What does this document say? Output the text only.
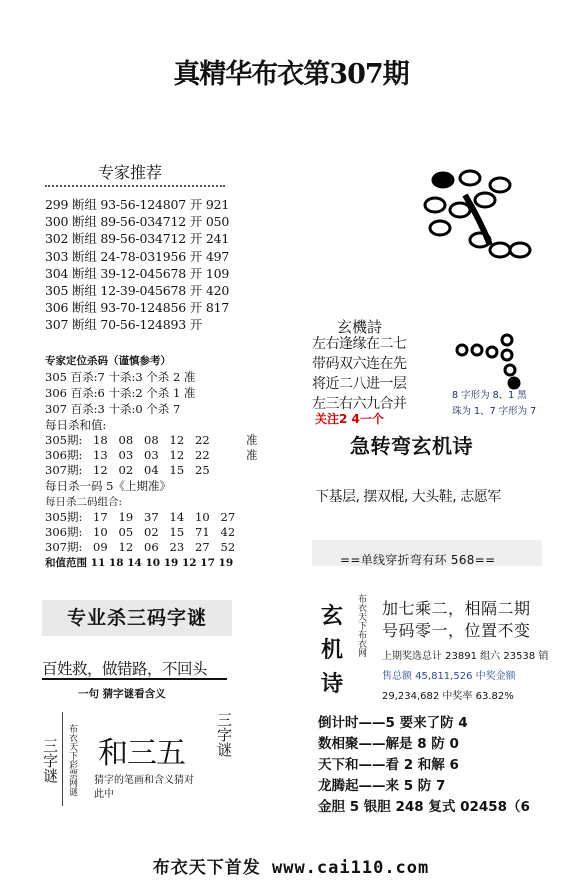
真精华布衣第307期
专家推荐
299 断组 93-56-124807 开 921
300 断组 89-56-034712 开 050
302 断组 89-56-034712 开 241
303 断组 24-78-031956 开 497
304 断组 39-12-045678 开 109
305 断组 12-39-045678 开 420
306 断组 93-70-124856 开 817
307 断组 70-56-124893 开
专家定位杀码（谨慎参考）
305 百杀:7 十杀:3 个杀 2 准
306 百杀:6 十杀:2 个杀 1 准
307 百杀:3 十杀:0 个杀 7
每日杀和值:
305期: 18 08 08 12 22	准
306期: 13 03 03 12 22	准
307期: 12 02 04 15 25
每日杀一码 5《上期准》
每日杀二码组合:
305期: 17 19 37 14 10 27
306期: 10 05 02 15 71 42
307期: 09 12 06 23 27 52
和值范围 11 18 14 10 19 12 17 19
专业杀三码字谜
百姓救，做错路，不回头
一句 猜字谜看含义
三字谜
三字谜
布衣天下彩票网谜 和三五
猜字的笔画和含义猜对此中
玄機詩
左右逢缘在二七
带码双六连在先
将近二八进一层
左三右六九合并
关注2 4一个
8 字形为 8、1 黑
珠为 1、7 字形为 7
急转弯玄机诗
下基层, 摆双棍, 大头鞋, 志愿军
==单线穿折弯有环 568==
玄机诗
布衣天下布衣网 加七乘二，相隔二期
号码零一，位置不变
上期奖选总计 23891 组六 23538 销
售总额 45,811,526 中奖金额
29,234,682 中奖率 63.82%
倒计时——5 要来了防 4
数相聚——解是 8 防 0
天下和——看 2 和解 6
龙腾起——来 5 防 7
金胆 5 银胆 248 复式 02458（6
布衣天下首发 www.cai110.com
